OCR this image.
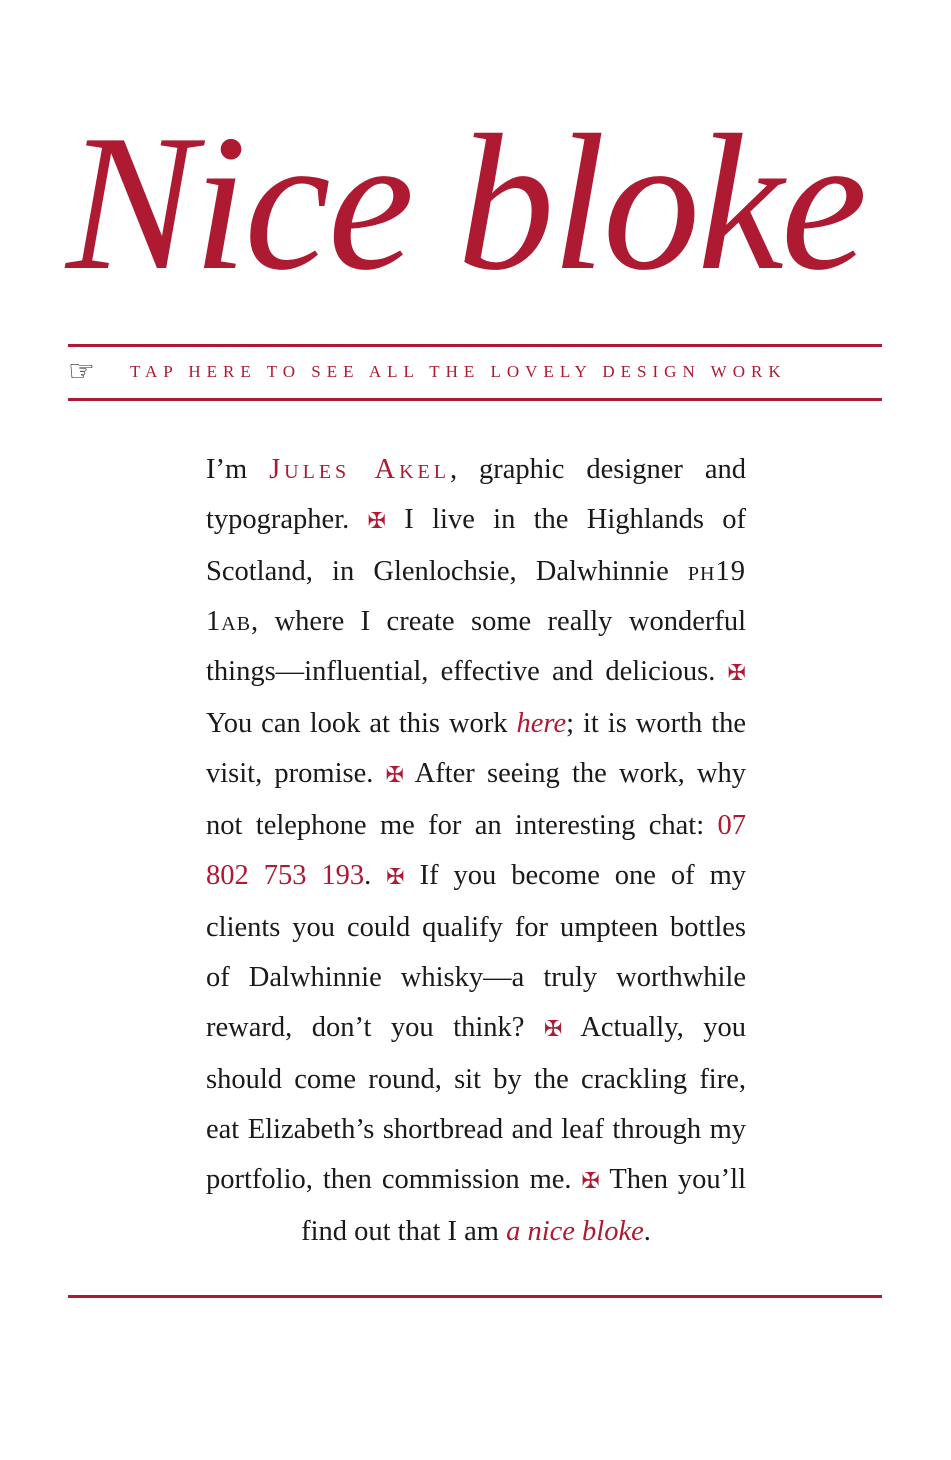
Nice bloke
☞
TAP HERE TO SEE ALL THE LOVELY DESIGN WORK

I’m Jules Akel, graphic designer and typographer. ✠ I live in the Highlands of Scotland, in Glenlochsie, Dalwhinnie ph19 1ab, where I create some really wonderful things—influential, effective and delicious. ✠ You can look at this work here; it is worth the visit, promise. ✠ After seeing the work, why not telephone me for an interesting chat: 07 802 753 193. ✠ If you become one of my clients you could qualify for umpteen bottles of Dalwhinnie whisky—a truly worthwhile reward, don’t you think? ✠ Actually, you should come round, sit by the crackling fire, eat Elizabeth’s shortbread and leaf through my portfolio, then commission me. ✠ Then you’ll find out that I am a nice bloke.
